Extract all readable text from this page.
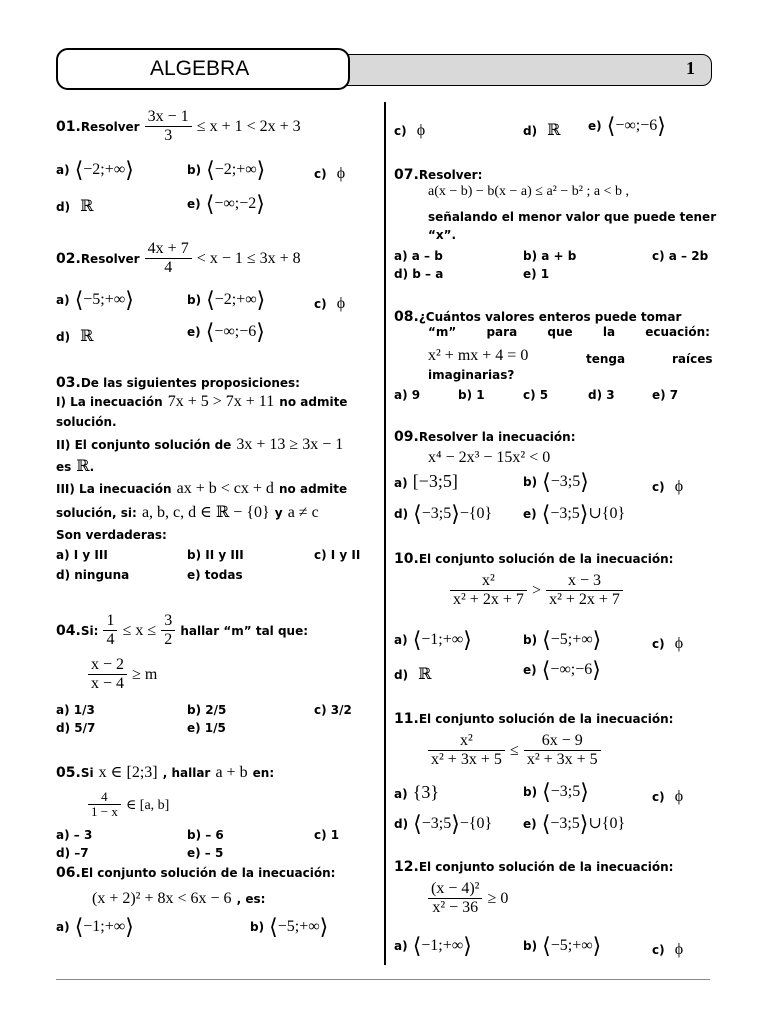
ALGEBRA	1
01.Resolver $\frac{3x - 1}{3} \le x + 1 < 2x + 3$
a) ⟨−2;+∞⟩	b) ⟨−2;+∞⟩	c) ϕ
d) ℝ	e) ⟨−∞;−2⟩
02.Resolver $\frac{4x + 7}{4} < x - 1 \le 3x + 8$
a) ⟨−5;+∞⟩	b) ⟨−2;+∞⟩	c) ϕ
d) ℝ	e) ⟨−∞;−6⟩
03.De las siguientes proposiciones:
I) La inecuación 7x + 5 > 7x + 11 no admite
solución.
II) El conjunto solución de 3x + 13 ≥ 3x − 1
es ℝ.
III) La inecuación ax + b < cx + d no admite
solución, si: a, b, c, d ∈ ℝ − {0} y a ≠ c
Son verdaderas:
a) I y III	b) II y III	c) I y II
d) ninguna	e) todas
04.Si: $\frac{1}{4} \le x \le \frac{3}{2}$ hallar “m” tal que:
$\frac{x - 2}{x - 4} \ge m$
a) 1/3	b) 2/5	c) 3/2
d) 5/7	e) 1/5
05.Si x ∈ [2;3] , hallar a + b en:
$\frac{4}{1 - x}$ ∈ [a, b]
a) – 3	b) – 6	c) 1
d) –7	e) – 5
06.El conjunto solución de la inecuación:
(x + 2)² + 8x < 6x − 6 , es:
a) ⟨−1;+∞⟩	b) ⟨−5;+∞⟩
c) ϕ	d) ℝ e) ⟨−∞;−6⟩
07.Resolver:
a(x − b) − b(x − a) ≤ a² − b² ; a < b ,
señalando el menor valor que puede tener
“x”.
a) a – b	b) a + b	c) a – 2b
d) b – a	e) 1
08.¿Cuántos valores enteros puede tomar
“m”	para	que	la	ecuación:
x² + mx + 4 = 0	tenga	raíces
imaginarias?
a) 9	b) 1	c) 5	d) 3	e) 7
09.Resolver la inecuación:
x⁴ − 2x³ − 15x² < 0
a) [−3;5]	b) ⟨−3;5⟩	c) ϕ
d) ⟨−3;5⟩−{0}	e) ⟨−3;5⟩∪{0}
10.El conjunto solución de la inecuación:
$\frac{\text{x²}}{\text{x² + 2x + 7}} > \frac{x - 3}{\text{x² + 2x + 7}}$
a) ⟨−1;+∞⟩	b) ⟨−5;+∞⟩	c) ϕ
d) ℝ	e) ⟨−∞;−6⟩
11.El conjunto solución de la inecuación:
$\frac{\text{x²}}{\text{x² + 3x + 5}} \le \frac{6x - 9}{\text{x² + 3x + 5}}$
a) {3}	b) ⟨−3;5⟩	c) ϕ
d) ⟨−3;5⟩−{0}	e) ⟨−3;5⟩∪{0}
12.El conjunto solución de la inecuación:
$\frac{\text{(x − 4)²}}{\text{x² − 36}} \ge 0$
a) ⟨−1;+∞⟩	b) ⟨−5;+∞⟩	c) ϕ
